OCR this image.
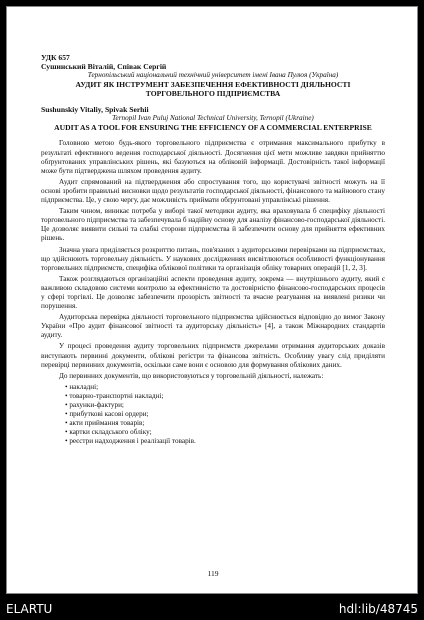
УДК 657
Сушинський Віталій, Співак Сергій
Тернопільський національний технічний університет імені Івана Пулюя (Україна)
АУДИТ ЯК ІНСТРУМЕНТ ЗАБЕЗПЕЧЕННЯ ЕФЕКТИВНОСТІ ДІЯЛЬНОСТІ ТОРГОВЕЛЬНОГО ПІДПРИЄМСТВА
Sushunskiy Vitaliy, Spivak Serhii
Ternopil Ivan Puluj National Technical University, Ternopil (Ukraine)
AUDIT AS A TOOL FOR ENSURING THE EFFICIENCY OF A COMMERCIAL ENTERPRISE

Головною метою будь-якого торговельного підприємства є отримання максимального прибутку в результаті ефективного ведення господарської діяльності. Досягнення цієї мети можливе завдяки прийняттю обґрунтованих управлінських рішень, які базуються на обліковій інформації. Достовірність такої інформації може бути підтверджена шляхом проведення аудиту.

Аудит спрямований на підтвердження або спростування того, що користувачі звітності можуть на її основі зробити правильні висновки щодо результатів господарської діяльності, фінансового та майнового стану підприємства. Це, у свою чергу, дає можливість приймати обґрунтовані управлінські рішення.

Таким чином, виникає потреба у виборі такої методики аудиту, яка враховувала б специфіку діяльності торговельного підприємства та забезпечувала б надійну основу для аналізу фінансово-господарської діяльності. Це дозволяє виявити сильні та слабкі сторони підприємства й забезпечити основу для прийняття ефективних рішень.

Значна увага приділяється розкриттю питань, пов'язаних з аудиторськими перевірками на підприємствах, що здійснюють торговельну діяльність. У наукових дослідженнях висвітлюються особливості функціонування торговельних підприємств, специфіка облікової політики та організація обліку товарних операцій [1, 2, 3].

Також розглядаються організаційні аспекти проведення аудиту, зокрема — внутрішнього аудиту, який є важливою складовою системи контролю за ефективністю та достовірністю фінансово-господарських процесів у сфері торгівлі. Це дозволяє забезпечити прозорість звітності та вчасне реагування на виявлені ризики чи порушення.

Аудиторська перевірка діяльності торговельного підприємства здійснюється відповідно до вимог Закону України «Про аудит фінансової звітності та аудиторську діяльність» [4], а також Міжнародних стандартів аудиту.

У процесі проведення аудиту торговельних підприємств джерелами отримання аудиторських доказів виступають первинні документи, облікові регістри та фінансова звітність. Особливу увагу слід приділяти перевірці первинних документів, оскільки саме вони є основою для формування облікових даних.

До первинних документів, що використовуються у торговельній діяльності, належать:

• накладні;
• товарно-транспортні накладні;
• рахунки-фактури;
• прибуткові касові ордери;
• акти приймання товарів;
• картки складського обліку;
• реєстри надходження і реалізації товарів.
119
ELARTU	hdl:lib/48745
